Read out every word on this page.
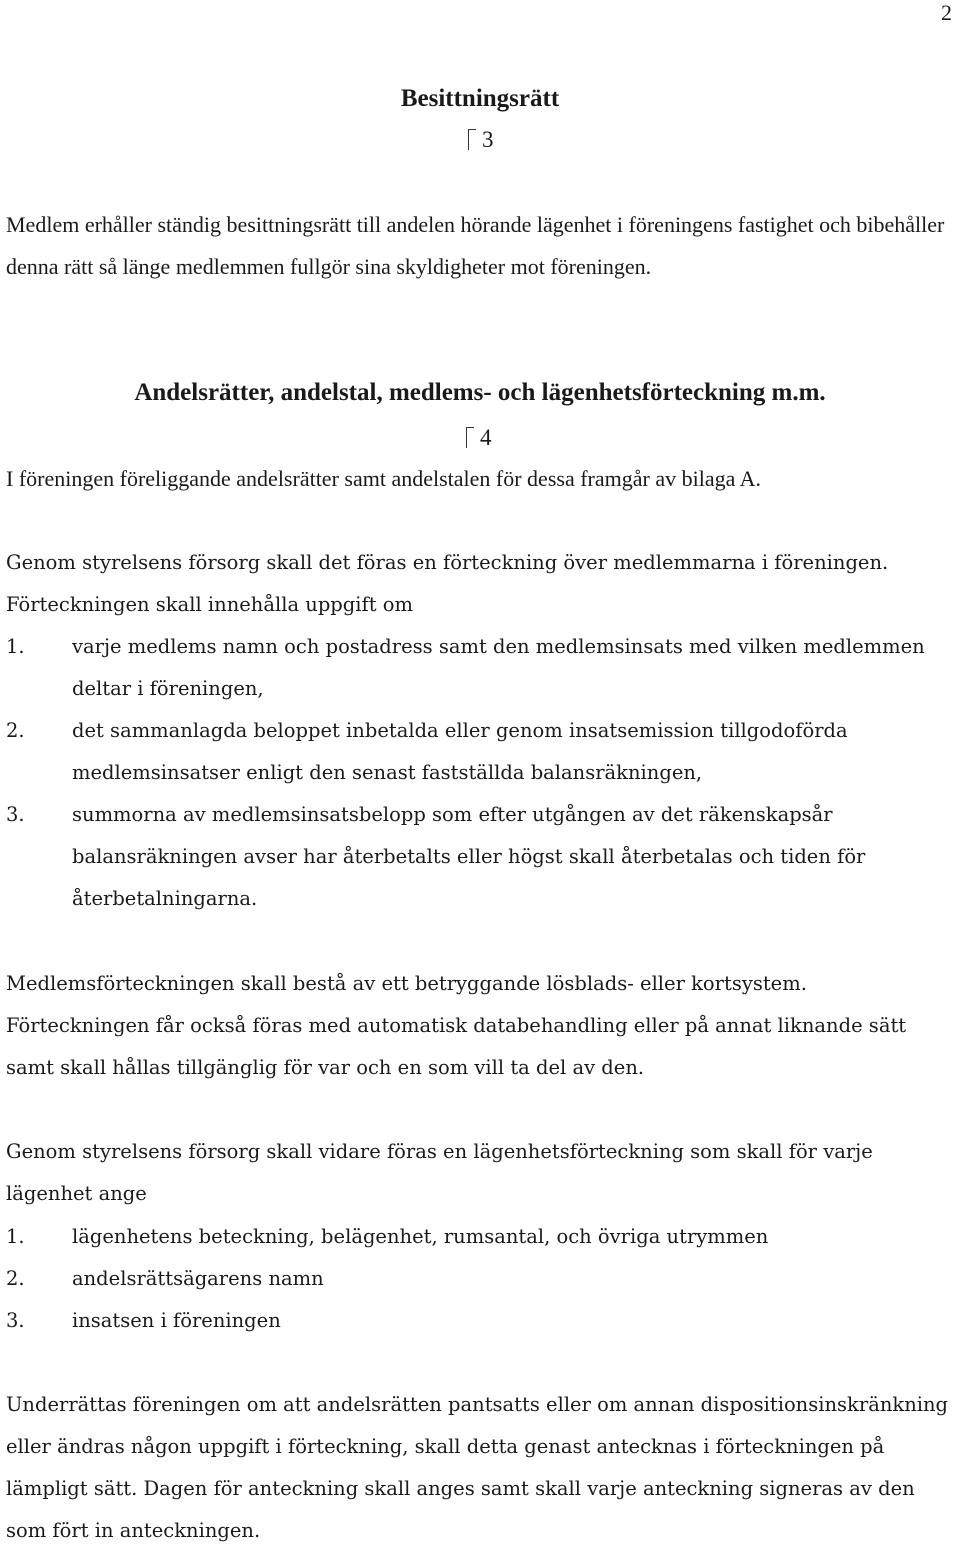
2
Besittningsrätt
3

Medlem erhåller ständig besittningsrätt till andelen hörande lägenhet i föreningens fastighet och bibehåller denna rätt så länge medlemmen fullgör sina skyldigheter mot föreningen.

Andelsrätter, andelstal, medlems- och lägenhetsförteckning m.m.
4

I föreningen föreliggande andelsrätter samt andelstalen för dessa framgår av bilaga A.

Genom styrelsens försorg skall det föras en förteckning över medlemmarna i föreningen. Förteckningen skall innehålla uppgift om

1. varje medlems namn och postadress samt den medlemsinsats med vilken medlemmen deltar i föreningen,
2. det sammanlagda beloppet inbetalda eller genom insatsemission tillgodoförda medlemsinsatser enligt den senast fastställda balansräkningen,
3. summorna av medlemsinsatsbelopp som efter utgången av det räkenskapsår balansräkningen avser har återbetalts eller högst skall återbetalas och tiden för återbetalningarna.

Medlemsförteckningen skall bestå av ett betryggande lösblads- eller kortsystem. Förteckningen får också föras med automatisk databehandling eller på annat liknande sätt samt skall hållas tillgänglig för var och en som vill ta del av den.

Genom styrelsens försorg skall vidare föras en lägenhetsförteckning som skall för varje lägenhet ange

1. lägenhetens beteckning, belägenhet, rumsantal, och övriga utrymmen
2. andelsrättsägarens namn
3. insatsen i föreningen

Underrättas föreningen om att andelsrätten pantsatts eller om annan dispositionsinskränkning eller ändras någon uppgift i förteckning, skall detta genast antecknas i förteckningen på lämpligt sätt. Dagen för anteckning skall anges samt skall varje anteckning signeras av den som fört in anteckningen.
